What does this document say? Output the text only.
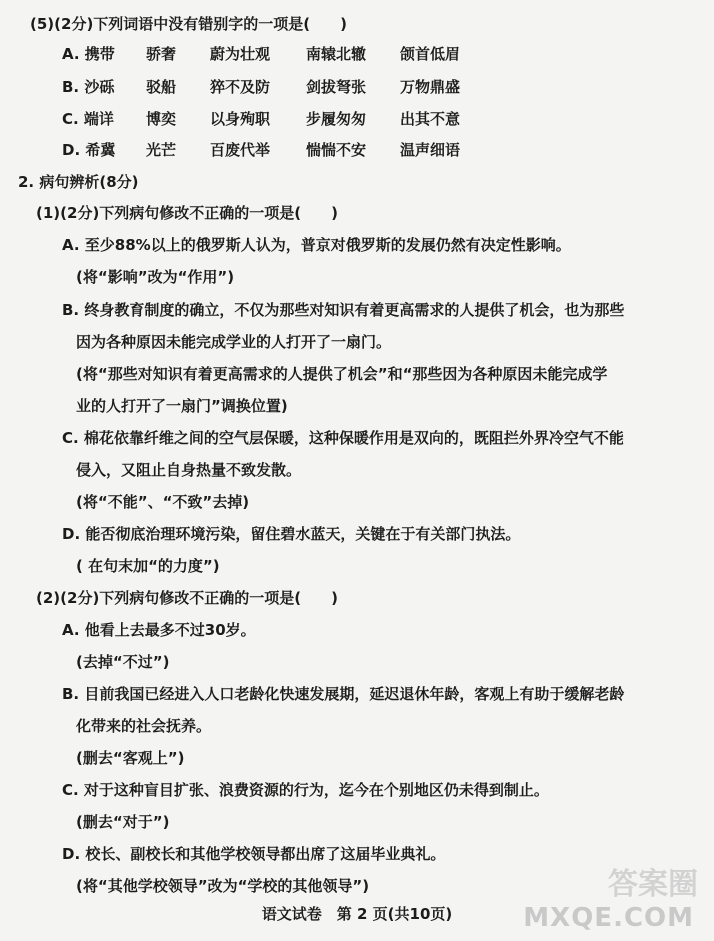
(5)(2分)下列词语中没有错别字的一项是(　　)
A. 携带 骄奢 蔚为壮观 南辕北辙 颌首低眉
B. 沙砾 驳船 猝不及防 剑拔弩张 万物鼎盛
C. 端详 博奕 以身殉职 步履匆匆 出其不意
D. 希冀 光芒 百废代举 惴惴不安 温声细语
2. 病句辨析(8分)
(1)(2分)下列病句修改不正确的一项是(　　)
A. 至少88%以上的俄罗斯人认为，普京对俄罗斯的发展仍然有决定性影响。
(将“影响”改为“作用”)
B. 终身教育制度的确立，不仅为那些对知识有着更高需求的人提供了机会，也为那些
因为各种原因未能完成学业的人打开了一扇门。
(将“那些对知识有着更高需求的人提供了机会”和“那些因为各种原因未能完成学
业的人打开了一扇门”调换位置)
C. 棉花依靠纤维之间的空气层保暖，这种保暖作用是双向的，既阻拦外界冷空气不能
侵入，又阻止自身热量不致发散。
(将“不能”、“不致”去掉)
D. 能否彻底治理环境污染，留住碧水蓝天，关键在于有关部门执法。
( 在句末加“的力度”)
(2)(2分)下列病句修改不正确的一项是(　　)
A. 他看上去最多不过30岁。
(去掉“不过”)
B. 目前我国已经进入人口老龄化快速发展期，延迟退休年龄，客观上有助于缓解老龄
化带来的社会抚养。
(删去“客观上”)
C. 对于这种盲目扩张、浪费资源的行为，迄今在个别地区仍未得到制止。
(删去“对于”)
D. 校长、副校长和其他学校领导都出席了这届毕业典礼。
(将“其他学校领导”改为“学校的其他领导”)
语文试卷　第 2 页(共10页)
答案圈
MXQE.COM
